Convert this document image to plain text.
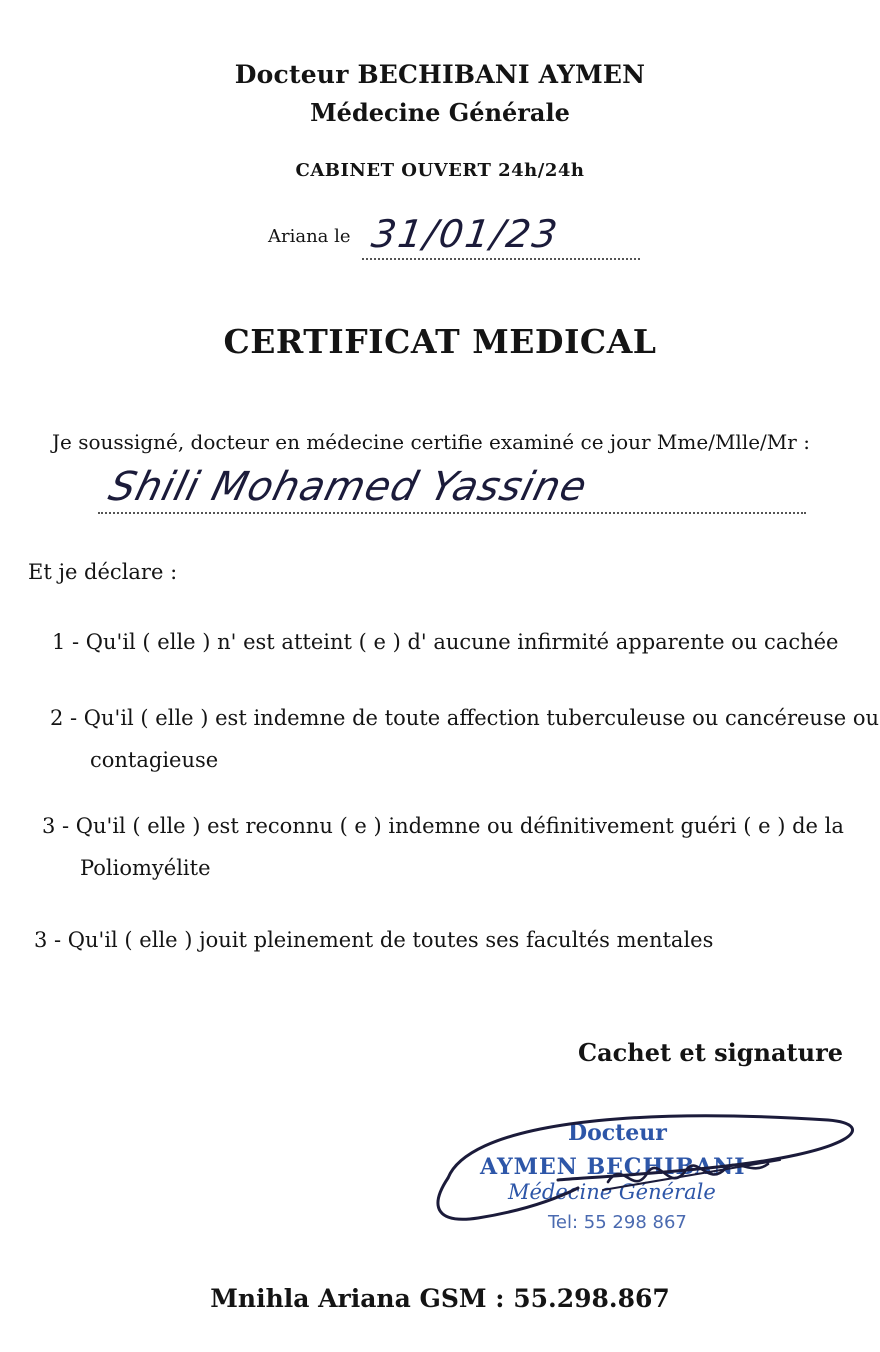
Docteur BECHIBANI AYMEN
Médecine Générale
CABINET OUVERT 24h/24h
Ariana le 31/01/23
CERTIFICAT MEDICAL
Je soussigné, docteur en médecine certifie examiné ce jour Mme/Mlle/Mr :
Shili Mohamed Yassine
Et je déclare :
1 - Qu'il ( elle ) n' est atteint ( e ) d' aucune infirmité apparente ou cachée
2 - Qu'il ( elle ) est indemne de toute affection tuberculeuse ou cancéreuse ou
contagieuse
3 - Qu'il ( elle ) est reconnu ( e ) indemne ou définitivement guéri ( e ) de la
Poliomyélite
3 - Qu'il ( elle ) jouit pleinement de toutes ses facultés mentales
Cachet et signature
Docteur
AYMEN BECHIBANI
Médecine Générale
Tel: 55 298 867
Mnihla Ariana GSM : 55.298.867
